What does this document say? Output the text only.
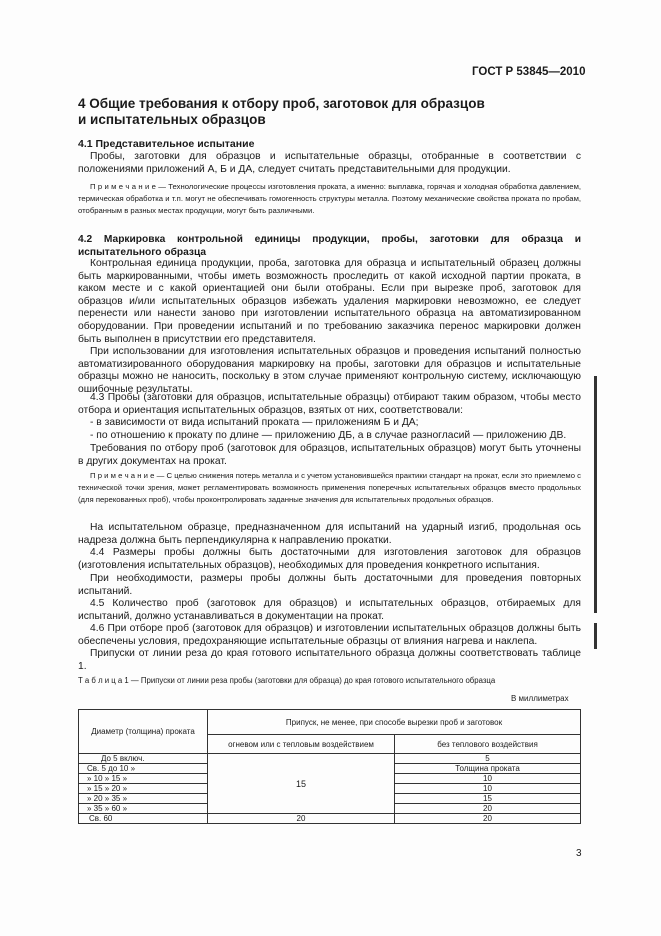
ГОСТ Р 53845—2010
4 Общие требования к отбору проб, заготовок для образцов
и испытательных образцов
4.1 Представительное испытание
Пробы, заготовки для образцов и испытательные образцы, отобранные в соответствии с положениями приложений А, Б и ДА, следует считать представительными для продукции.
П р и м е ч а н и е — Технологические процессы изготовления проката, а именно: выплавка, горячая и холодная обработка давлением, термическая обработка и т.п. могут не обеспечивать гомогенность структуры металла. Поэтому механические свойства проката по пробам, отобранным в разных местах продукции, могут быть различными.
4.2 Маркировка контрольной единицы продукции, пробы, заготовки для образца и испытательного образца
Контрольная единица продукции, проба, заготовка для образца и испытательный образец должны быть маркированными, чтобы иметь возможность проследить от какой исходной партии проката, в каком месте и с какой ориентацией они были отобраны. Если при вырезке проб, заготовок для образцов и/или испытательных образцов избежать удаления маркировки невозможно, ее следует перенести или нанести заново при изготовлении испытательного образца на автоматизированном оборудовании. При проведении испытаний и по требованию заказчика перенос маркировки должен быть выполнен в присутствии его представителя.
При использовании для изготовления испытательных образцов и проведения испытаний полностью автоматизированного оборудования маркировку на пробы, заготовки для образцов и испытательные образцы можно не наносить, поскольку в этом случае применяют контрольную систему, исключающую ошибочные результаты.
4.3 Пробы (заготовки для образцов, испытательные образцы) отбирают таким образом, чтобы место отбора и ориентация испытательных образцов, взятых от них, соответствовали:
- в зависимости от вида испытаний проката — приложениям Б и ДА;
- по отношению к прокату по длине — приложению ДБ, а в случае разногласий — приложению ДВ.
Требования по отбору проб (заготовок для образцов, испытательных образцов) могут быть уточнены в других документах на прокат.
П р и м е ч а н и е — С целью снижения потерь металла и с учетом установившейся практики стандарт на прокат, если это приемлемо с технической точки зрения, может регламентировать возможность применения поперечных испытательных образцов вместо продольных (для перекованных проб), чтобы проконтролировать заданные значения для испытательных продольных образцов.
На испытательном образце, предназначенном для испытаний на ударный изгиб, продольная ось надреза должна быть перпендикулярна к направлению прокатки.
4.4 Размеры пробы должны быть достаточными для изготовления заготовок для образцов (изготовления испытательных образцов), необходимых для проведения конкретного испытания.
При необходимости, размеры пробы должны быть достаточными для проведения повторных испытаний.
4.5 Количество проб (заготовок для образцов) и испытательных образцов, отбираемых для испытаний, должно устанавливаться в документации на прокат.
4.6 При отборе проб (заготовок для образцов) и изготовлении испытательных образцов должны быть обеспечены условия, предохраняющие испытательные образцы от влияния нагрева и наклепа.
Припуски от линии реза до края готового испытательного образца должны соответствовать таблице 1.
Т а б л и ц а 1 — Припуски от линии реза пробы (заготовки для образца) до края готового испытательного образца
В миллиметрах
Диаметр (толщина) проката	Припуск, не менее, при способе вырезки проб и заготовок	
	огневом или с тепловым воздействием	без теплового воздействия
До 5 включ.	15	5
Св. 5 до 10 »		Толщина проката
» 10 » 15 »		10
» 15 » 20 »		10
» 20 » 35 »		15
» 35 » 60 »		20
Св. 60	20	20
3
